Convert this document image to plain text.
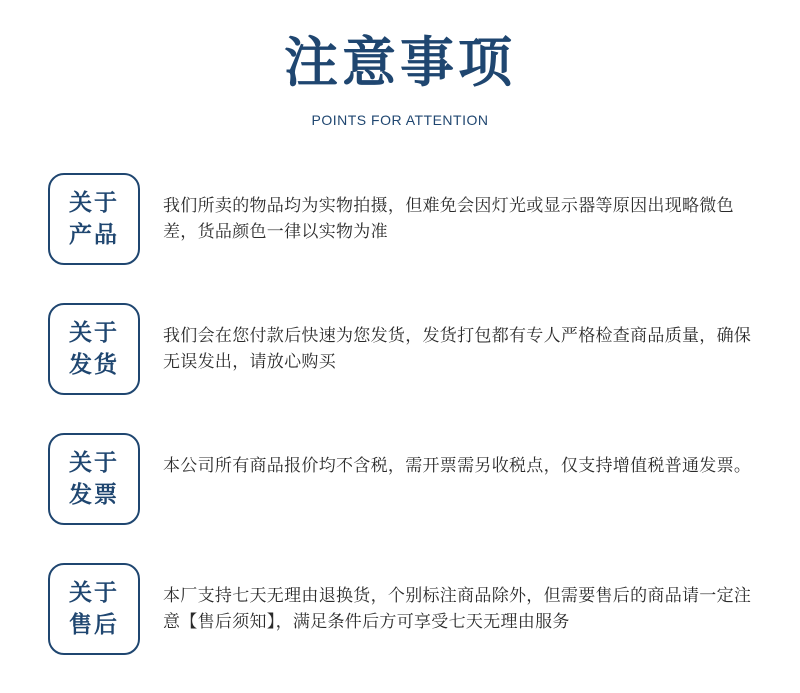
注意事项
POINTS FOR ATTENTION
关于
产品
我们所卖的物品均为实物拍摄，但难免会因灯光或显示器等原因出现略微色差，货品颜色一律以实物为准
关于
发货
我们会在您付款后快速为您发货，发货打包都有专人严格检查商品质量，确保无误发出，请放心购买
关于
发票
本公司所有商品报价均不含税，需开票需另收税点，仅支持增值税普通发票。
关于
售后
本厂支持七天无理由退换货，个别标注商品除外，但需要售后的商品请一定注意【售后须知】，满足条件后方可享受七天无理由服务
